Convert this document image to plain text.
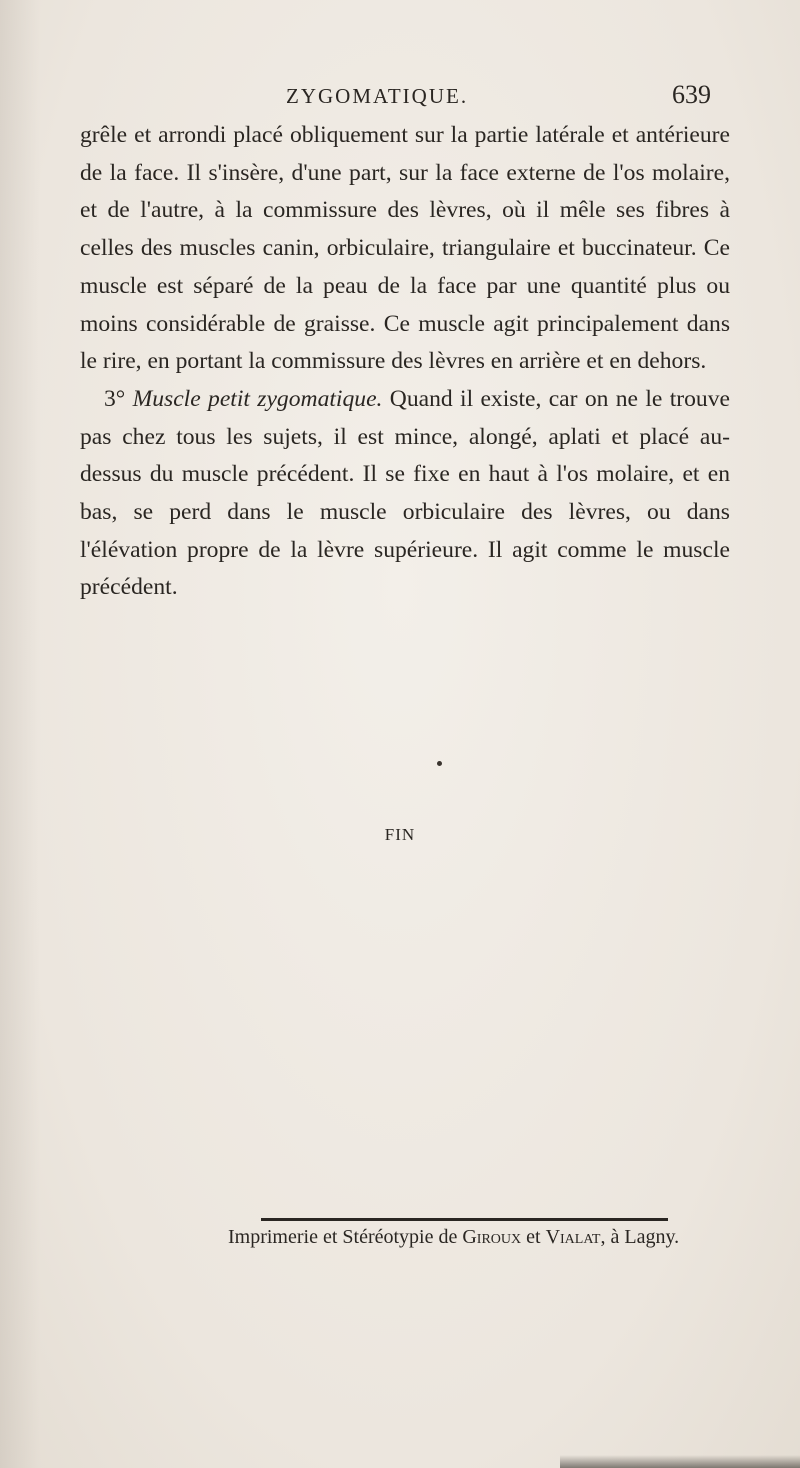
ZYGOMATIQUE.	639

grêle et arrondi placé obliquement sur la partie latérale et antérieure de la face. Il s'insère, d'une part, sur la face externe de l'os molaire, et de l'autre, à la commissure des lèvres, où il mêle ses fibres à celles des muscles canin, orbiculaire, triangulaire et buccinateur. Ce muscle est séparé de la peau de la face par une quantité plus ou moins considérable de graisse. Ce muscle agit principalement dans le rire, en portant la commissure des lèvres en arrière et en dehors.

3° Muscle petit zygomatique. Quand il existe, car on ne le trouve pas chez tous les sujets, il est mince, alongé, aplati et placé au-dessus du muscle précédent. Il se fixe en haut à l'os molaire, et en bas, se perd dans le muscle orbiculaire des lèvres, ou dans l'élévation propre de la lèvre supérieure. Il agit comme le muscle précédent.

FIN
Imprimerie et Stéréotypie de Giroux et Vialat, à Lagny.
